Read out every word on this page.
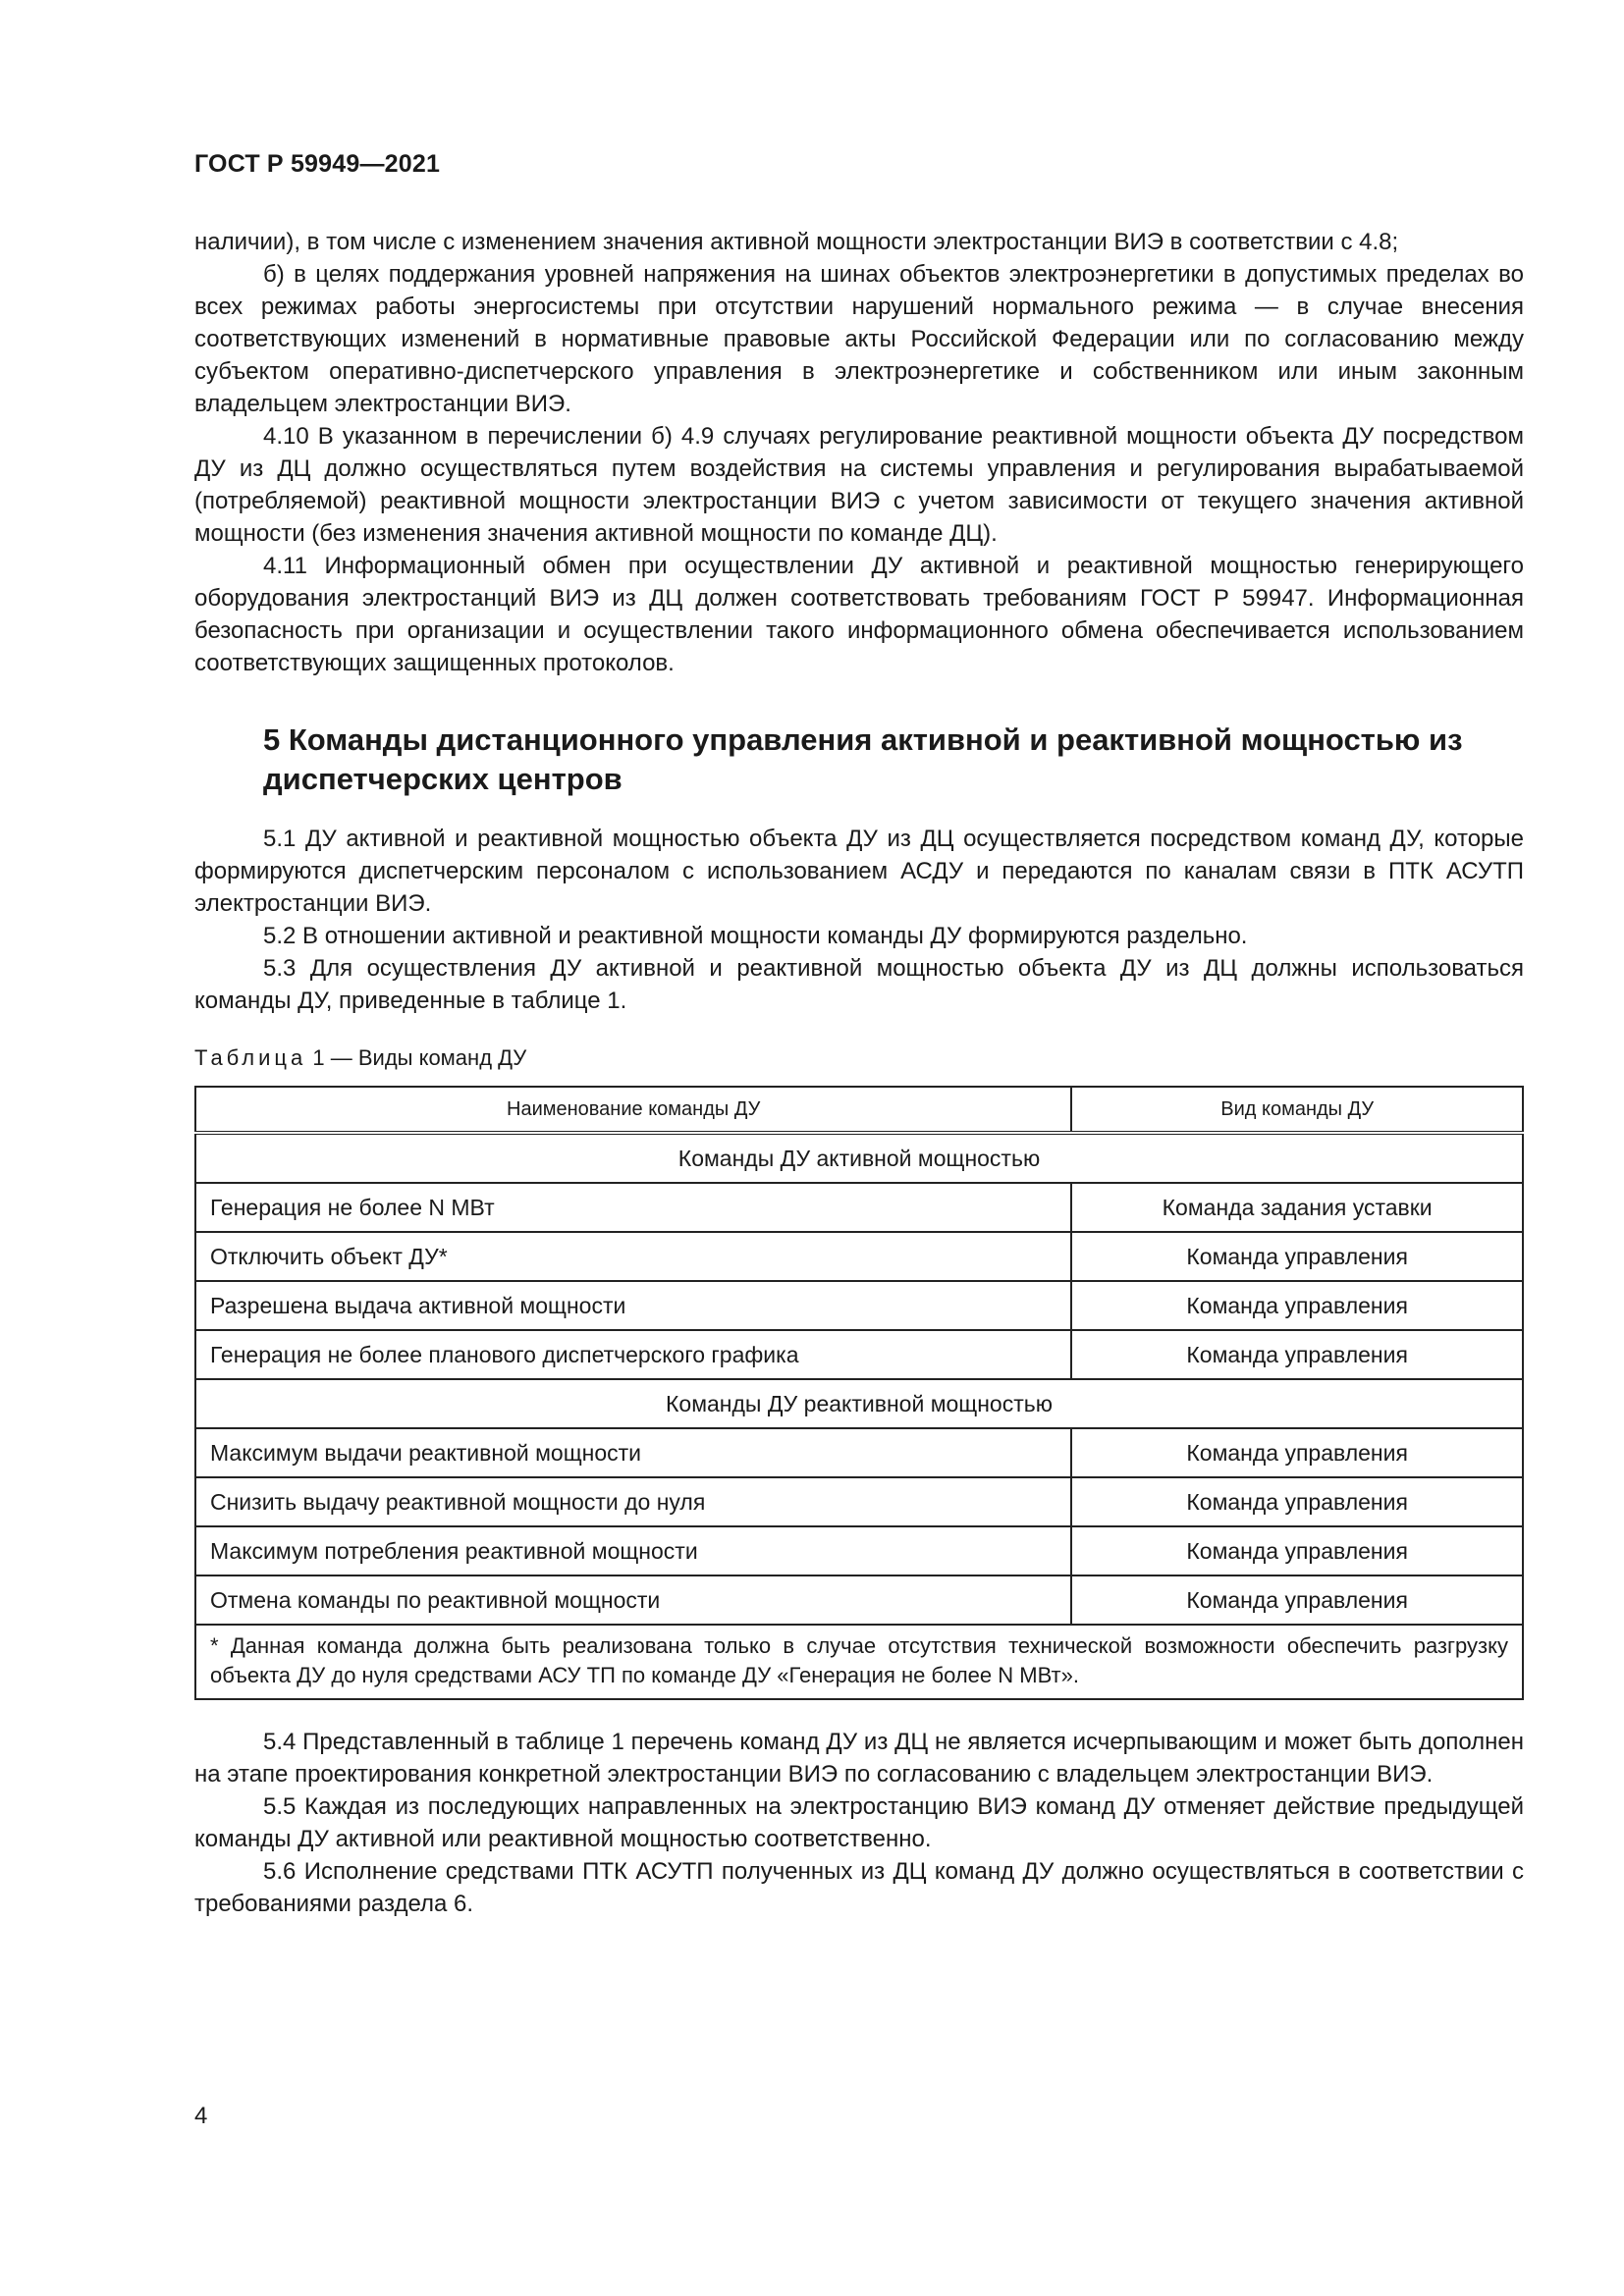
ГОСТ Р 59949—2021

наличии), в том числе с изменением значения активной мощности электростанции ВИЭ в соответствии с 4.8;

б) в целях поддержания уровней напряжения на шинах объектов электроэнергетики в допустимых пределах во всех режимах работы энергосистемы при отсутствии нарушений нормального режима — в случае внесения соответствующих изменений в нормативные правовые акты Российской Федерации или по согласованию между субъектом оперативно-диспетчерского управления в электроэнергетике и собственником или иным законным владельцем электростанции ВИЭ.

4.10 В указанном в перечислении б) 4.9 случаях регулирование реактивной мощности объекта ДУ посредством ДУ из ДЦ должно осуществляться путем воздействия на системы управления и регулирования вырабатываемой (потребляемой) реактивной мощности электростанции ВИЭ с учетом зависимости от текущего значения активной мощности (без изменения значения активной мощности по команде ДЦ).

4.11 Информационный обмен при осуществлении ДУ активной и реактивной мощностью генерирующего оборудования электростанций ВИЭ из ДЦ должен соответствовать требованиям ГОСТ Р 59947. Информационная безопасность при организации и осуществлении такого информационного обмена обеспечивается использованием соответствующих защищенных протоколов.

5 Команды дистанционного управления активной и реактивной мощностью из диспетчерских центров

5.1 ДУ активной и реактивной мощностью объекта ДУ из ДЦ осуществляется посредством команд ДУ, которые формируются диспетчерским персоналом с использованием АСДУ и передаются по каналам связи в ПТК АСУТП электростанции ВИЭ.

5.2 В отношении активной и реактивной мощности команды ДУ формируются раздельно.

5.3 Для осуществления ДУ активной и реактивной мощностью объекта ДУ из ДЦ должны использоваться команды ДУ, приведенные в таблице 1.

Таблица 1 — Виды команд ДУ
Наименование команды ДУ	Вид команды ДУ
Команды ДУ активной мощностью	
Генерация не более N МВт	Команда задания уставки
Отключить объект ДУ*	Команда управления
Разрешена выдача активной мощности	Команда управления
Генерация не более планового диспетчерского графика	Команда управления
Команды ДУ реактивной мощностью	
Максимум выдачи реактивной мощности	Команда управления
Снизить выдачу реактивной мощности до нуля	Команда управления
Максимум потребления реактивной мощности	Команда управления
Отмена команды по реактивной мощности	Команда управления
* Данная команда должна быть реализована только в случае отсутствия технической возможности обеспечить разгрузку объекта ДУ до нуля средствами АСУ ТП по команде ДУ «Генерация не более N МВт».	

5.4 Представленный в таблице 1 перечень команд ДУ из ДЦ не является исчерпывающим и может быть дополнен на этапе проектирования конкретной электростанции ВИЭ по согласованию с владельцем электростанции ВИЭ.

5.5 Каждая из последующих направленных на электростанцию ВИЭ команд ДУ отменяет действие предыдущей команды ДУ активной или реактивной мощностью соответственно.

5.6 Исполнение средствами ПТК АСУТП полученных из ДЦ команд ДУ должно осуществляться в соответствии с требованиями раздела 6.

4
